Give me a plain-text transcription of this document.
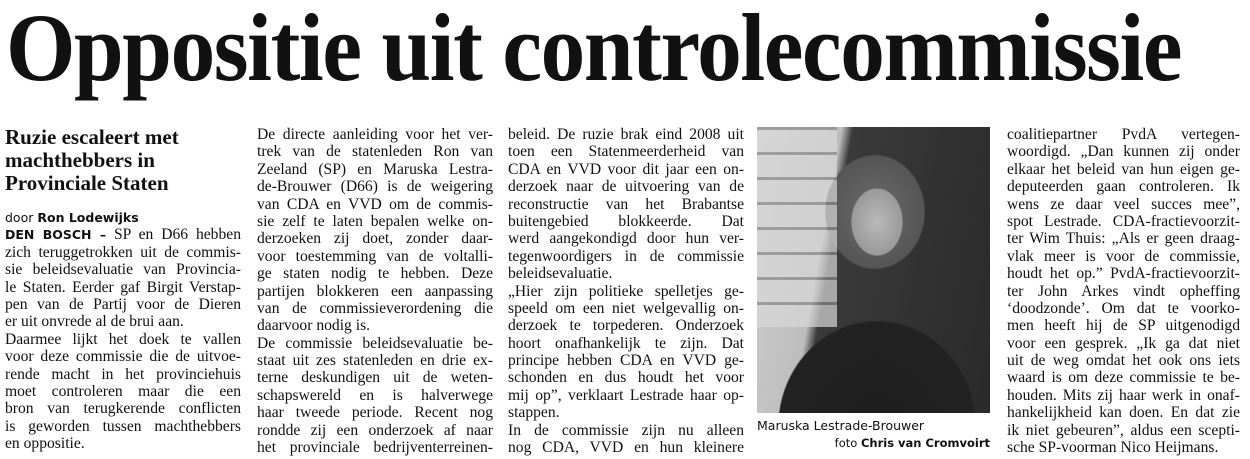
Oppositie uit controlecommissie
Ruzie escaleert met
machthebbers in
Provinciale Staten
door Ron Lodewijks
DEN BOSCH – SP en D66 hebben
zich teruggetrokken uit de commis-
sie beleidsevaluatie van Provincia-
le Staten. Eerder gaf Birgit Verstap-
pen van de Partij voor de Dieren
er uit onvrede al de brui aan.
Daarmee lijkt het doek te vallen
voor deze commissie die de uitvoe-
rende macht in het provinciehuis
moet controleren maar die een
bron van terugkerende conflicten
is geworden tussen machthebbers
en oppositie.
De directe aanleiding voor het ver-
trek van de statenleden Ron van
Zeeland (SP) en Maruska Lestra-
de-Brouwer (D66) is de weigering
van CDA en VVD om de commis-
sie zelf te laten bepalen welke on-
derzoeken zij doet, zonder daar-
voor toestemming van de voltalli-
ge staten nodig te hebben. Deze
partijen blokkeren een aanpassing
van de commissieverordening die
daarvoor nodig is.
De commissie beleidsevaluatie be-
staat uit zes statenleden en drie ex-
terne deskundigen uit de weten-
schapswereld en is halverwege
haar tweede periode. Recent nog
rondde zij een onderzoek af naar
het provinciale bedrijventerreinen-
beleid. De ruzie brak eind 2008 uit
toen een Statenmeerderheid van
CDA en VVD voor dit jaar een on-
derzoek naar de uitvoering van de
reconstructie van het Brabantse
buitengebied blokkeerde. Dat
werd aangekondigd door hun ver-
tegenwoordigers in de commissie
beleidsevaluatie.
„Hier zijn politieke spelletjes ge-
speeld om een niet welgevallig on-
derzoek te torpederen. Onderzoek
hoort onafhankelijk te zijn. Dat
principe hebben CDA en VVD ge-
schonden en dus houdt het voor
mij op”, verklaart Lestrade haar op-
stappen.
In de commissie zijn nu alleen
nog CDA, VVD en hun kleinere
Maruska Lestrade-Brouwer
foto Chris van Cromvoirt
coalitiepartner PvdA vertegen-
woordigd. „Dan kunnen zij onder
elkaar het beleid van hun eigen ge-
deputeerden gaan controleren. Ik
wens ze daar veel succes mee”,
spot Lestrade. CDA-fractievoorzit-
ter Wim Thuis: „Als er geen draag-
vlak meer is voor de commissie,
houdt het op.” PvdA-fractievoorzit-
ter John Arkes vindt opheffing
‘doodzonde’. Om dat te voorko-
men heeft hij de SP uitgenodigd
voor een gesprek. „Ik ga dat niet
uit de weg omdat het ook ons iets
waard is om deze commissie te be-
houden. Mits zij haar werk in onaf-
hankelijkheid kan doen. En dat zie
ik niet gebeuren”, aldus een scepti-
sche SP-voorman Nico Heijmans.
